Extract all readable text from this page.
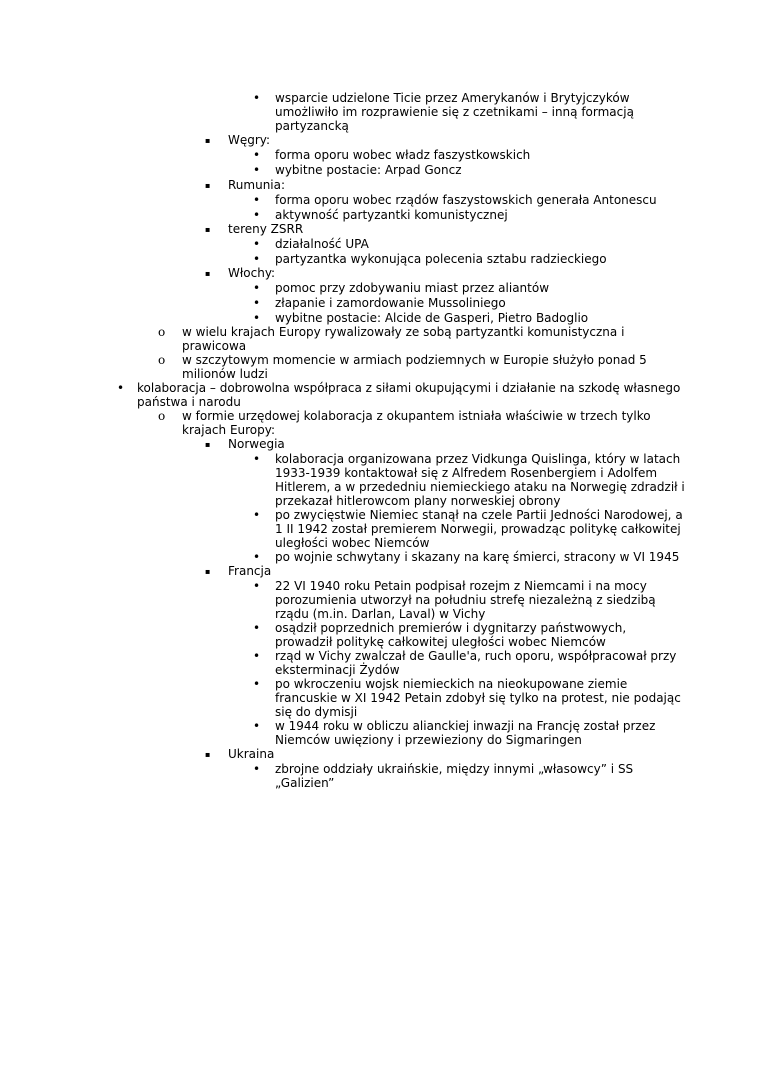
• wsparcie udzielone Ticie przez Amerykanów i Brytyjczyków
umożliwiło im rozprawienie się z czetnikami – inną formacją
partyzancką
▪ Węgry:
• forma oporu wobec władz faszystkowskich
• wybitne postacie: Arpad Goncz
▪ Rumunia:
• forma oporu wobec rządów faszystowskich generała Antonescu
• aktywność partyzantki komunistycznej
▪ tereny ZSRR
• działalność UPA
• partyzantka wykonująca polecenia sztabu radzieckiego
▪ Włochy:
• pomoc przy zdobywaniu miast przez aliantów
• złapanie i zamordowanie Mussoliniego
• wybitne postacie: Alcide de Gasperi, Pietro Badoglio
o w wielu krajach Europy rywalizowały ze sobą partyzantki komunistyczna i
prawicowa
o w szczytowym momencie w armiach podziemnych w Europie służyło ponad 5
milionów ludzi
• kolaboracja – dobrowolna współpraca z siłami okupującymi i działanie na szkodę własnego
państwa i narodu
o w formie urzędowej kolaboracja z okupantem istniała właściwie w trzech tylko
krajach Europy:
▪ Norwegia
• kolaboracja organizowana przez Vidkunga Quislinga, który w latach
1933-1939 kontaktował się z Alfredem Rosenbergiem i Adolfem
Hitlerem, a w przededniu niemieckiego ataku na Norwegię zdradził i
przekazał hitlerowcom plany norweskiej obrony
• po zwycięstwie Niemiec stanął na czele Partii Jedności Narodowej, a
1 II 1942 został premierem Norwegii, prowadząc politykę całkowitej
uległości wobec Niemców
• po wojnie schwytany i skazany na karę śmierci, stracony w VI 1945
▪ Francja
• 22 VI 1940 roku Petain podpisał rozejm z Niemcami i na mocy
porozumienia utworzył na południu strefę niezależną z siedzibą
rządu (m.in. Darlan, Laval) w Vichy
• osądził poprzednich premierów i dygnitarzy państwowych,
prowadził politykę całkowitej uległości wobec Niemców
• rząd w Vichy zwalczał de Gaulle'a, ruch oporu, współpracował przy
eksterminacji Żydów
• po wkroczeniu wojsk niemieckich na nieokupowane ziemie
francuskie w XI 1942 Petain zdobył się tylko na protest, nie podając
się do dymisji
• w 1944 roku w obliczu alianckiej inwazji na Francję został przez
Niemców uwięziony i przewieziony do Sigmaringen
▪ Ukraina
• zbrojne oddziały ukraińskie, między innymi „własowcy” i SS
„Galizien”
